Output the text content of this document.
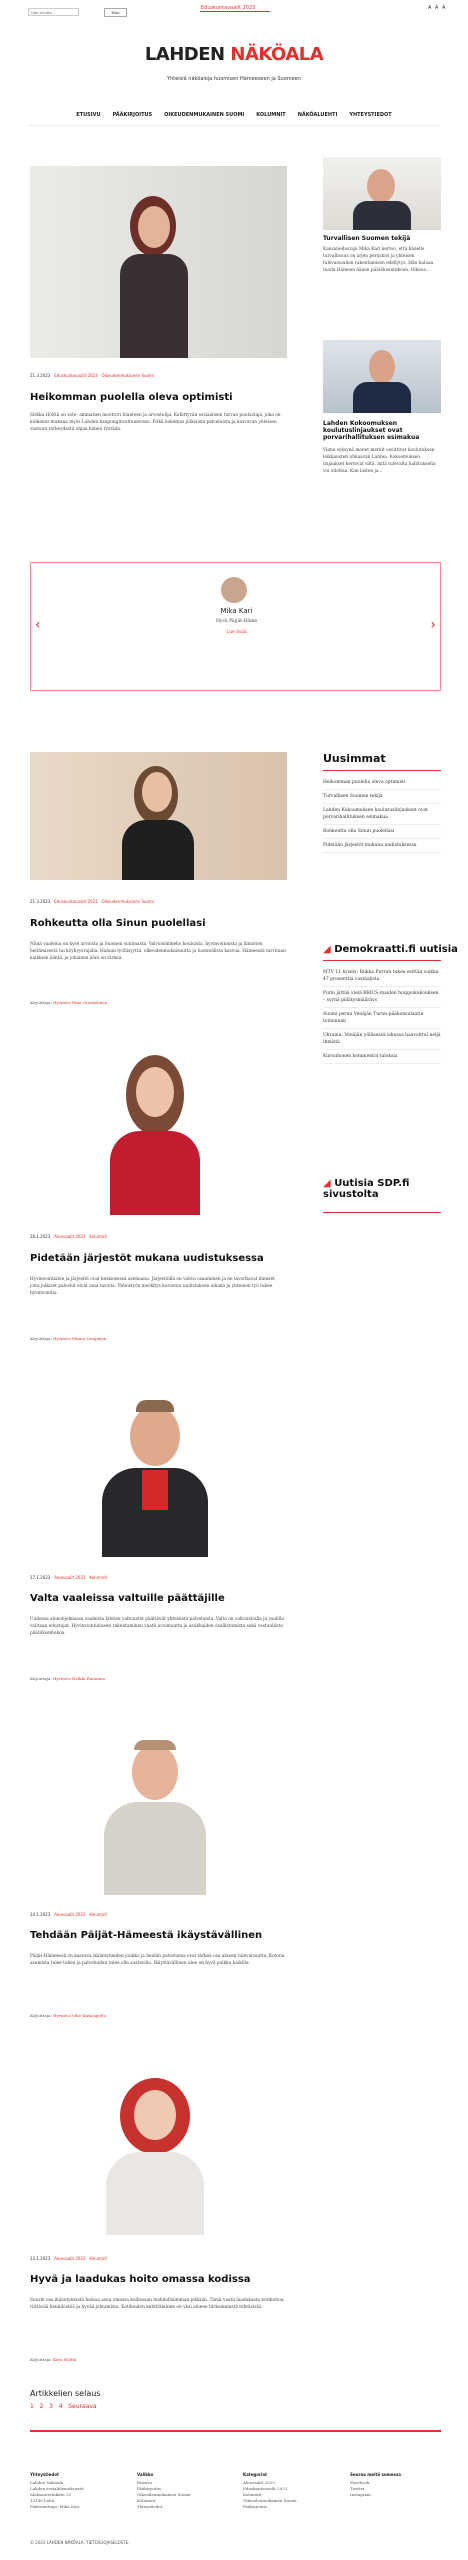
Hae sivuilta ...
Hae
Eduskuntavaalit 2023	A A A
LAHDEN NÄKÖALA
Yhteisiä näköaloja huomisen Hämeeseen ja Suomeen
ETUSIVU PÄÄKIRJOITUS OIKEUDENMUKAINEN SUOMI KOLUMNIT NÄKÖALUEHTI YHTEYSTIEDOT
21.3.2023 Eduskuntavaalit 2023 Oikeudenmukainen Suomi
Heikomman puolella oleva optimisti
Sirkka Hölttä on sote- ammatien moottori tilanteen ja arvostelija. Kehittyvän sosiaalisen turvan puolustaja, joka on kulkenut mukana myös Lahden kaupunginvaltuustossa. Pitkä kokemus julkisista palveluista ja kasvavan yhteisen vastuun tärkeydestä ohjaa hänen työtään.
Turvallisen Suomen tekijä
Kansanedustaja Mika Kari kertoo, että hänelle turvallisuus on arjen peruskivi ja yhteisen tulevaisuuden rakentamisen edellytys. Hän haluaa tuoda Hämeen äänen päätöksentekoon. Oikeus...
Lahden Kokoomuksen koulutuslinjaukset ovat porvarihallituksen esimakua
Viime syksynä monet merkit osoittivat koulutuksen leikkausten uhkaavan Lahtea. Kokoomuksen linjaukset kertovat siitä, mitä tulevalta hallitukselta voi odottaa. Kun lasten ja...
‹	›
Mika Kari
Hyvä Päijät-Häme
Lue lisää
21.3.2023 Eduskuntavaalit 2023 Oikeudenmukainen Suomi
Rohkeutta olla Sinun puolellasi
Niinä vaaleina on kyse arvoista ja Suomen suunnasta. Valvoisimmeko kouluista, hyvinvoinnista ja ihmisten heitämisestä tai köyhyysrajalla. Haluan työllisyyttä, oikeudenmukaisuutta ja luonnollista kasvua. Hämeessä tarvitaan kaikkien ääntä, ja jokainen ääni on tärkeä.
Kirjoittaja: Hyvinvoi Riini Oreskelinen
28.1.2023 Aluevaalit 2023 Kolumnit
Pidetään järjestöt mukana uudistuksessa
Hyvinvointialue ja järjestöt ovat keskeisessä asemassa. Järjestöillä on vahva osaaminen ja ne tavoittavat ihmiset, joita julkiset palvelut eivät aina tavoita. Yhteistyön merkitys korostuu uudistuksen aikana ja yhteinen työ tukee hyvinvointia.
Kirjoittaja: Hyvinvoi Minna Lampinen
17.1.2023 Aluevaalit 2023 Kolumnit
Valta vaaleissa valtuille päättäjille
Uudessa alueohjelmassa vaaleista lähtien valtuustot päättävät yhteisistä palveluista. Valta on valtuustoilla ja vaalilla valitaan edustajat. Hyvinvointialueen rakentaminen vaatii avoimuutta ja asukkaiden osallistumista sekä vastuullista päätöksentekoa.
Kirjoittaja: Hyvinvoi Heikki Rintanen
14.1.2023 Aluevaalit 2023 Kolumnit
Tehdään Päijät-Hämeestä ikäystävällinen
Päijät-Hämeessä on kasvava ikääntyneiden joukko ja heidän palvelunsa ovat tärkeä osa alueen tulevaisuutta. Kotona asumista tulee tukea ja palveluiden tulee olla saatavilla. Ikäystävällinen alue on hyvä paikka kaikille.
Kirjoittaja: Hyvinvoi Ville Kirkonpelto
13.1.2023 Aluevaalit 2023 Kolumnit
Hyvä ja laadukas hoito omassa kodissa
Suurin osa ikääntyneistä haluaa asua omassa kodissaan mahdollisimman pitkään. Tämä vaatii laadukasta kotihoitoa, riittävää henkilöstöä ja hyvää johtamista. Kotihoidon kehittäminen on yksi alueen tärkeimmistä tehtävistä.
Kirjoittaja: Kirsi Hölttä
Uusimmat
Heikomman puolella oleva optimisti
Turvallisen Suomen tekijä
Lahden Kokoomuksen koulutuslinjaukset ovat porvarihallituksen esimakua
Rohkeutta olla Sinun puolellasi
Pidetään järjestöt mukana uudistuksessa
◢ Demokraatti.fi uutisia
MTV 11 kysely: Riikka Purran tukea esittää vaikka 47 prosenttia vastaajista
Putin jättää vielä BRICS-maiden huippukokouksen – syynä pidätysmääräys
Suomi peruu Venäjän Turun-pääkonsulaatin toiminnan
Ukraina: Venäjän yöllisessä iskussa haavoittui neljä ihmistä
Kuruuhonen kommentoi tuloksia
◢ Uutisia SDP.fi sivustolta
Artikkelien selaus
1 2 3 4 Seuraava
Yhteystiedot
Lahden Näköala
Lahden sosialidemokraatit
Aleksanterinkatu 25
15140 Lahti
Päätoimittaja: Mika Kari
Valikko
Etusivu
Pääkirjoitus
Oikeudenmukainen Suomi
Kolumnit
Yhteystiedot
Kategoriat
Aluevaalit 2023
Eduskuntavaalit 2023
Kolumnit
Oikeudenmukainen Suomi
Pääkirjoitus
Seuraa meitä somessa
Facebook
Twitter
Instagram
© 2023 LAHDEN NÄKÖALA. TIETOSUOJASELOSTE.
